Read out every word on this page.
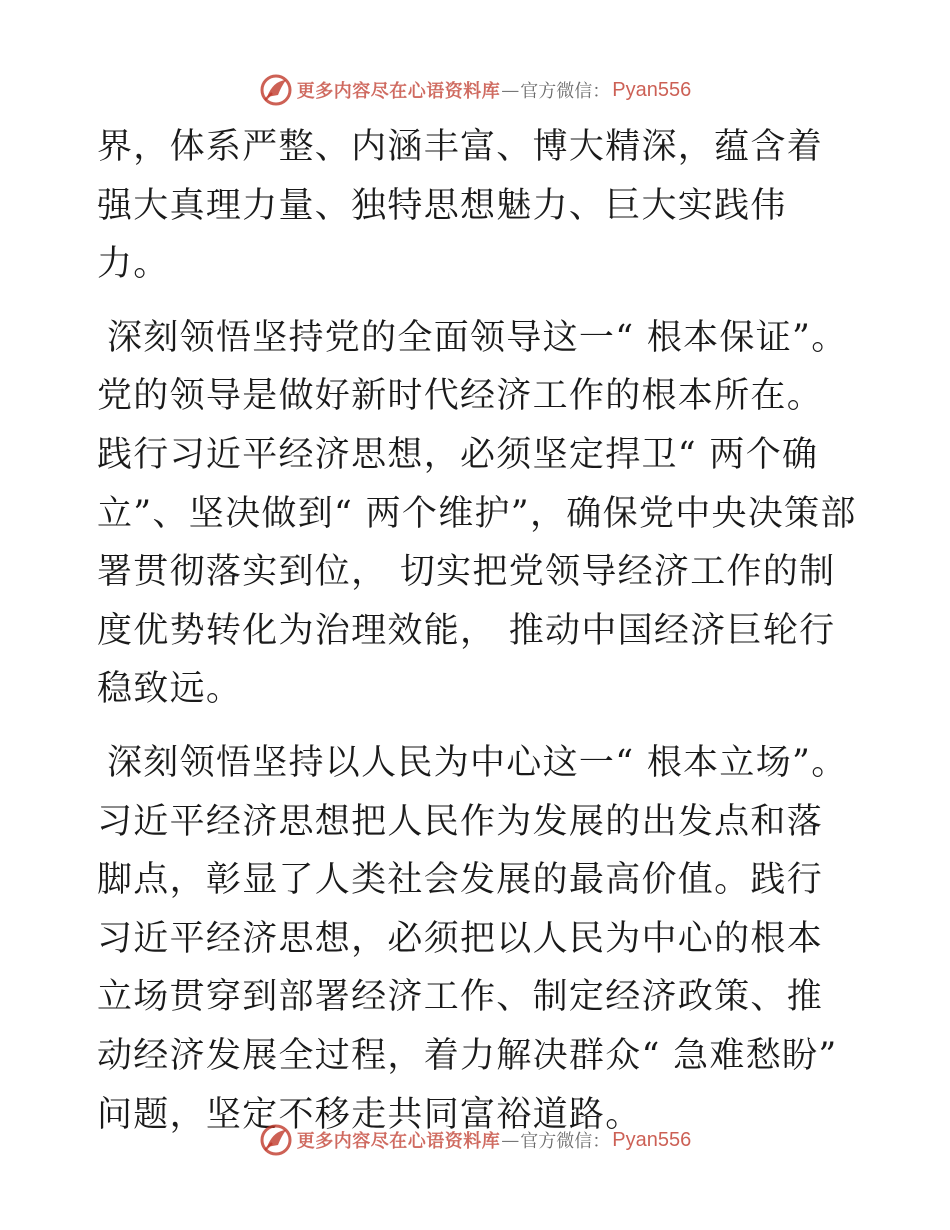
更多内容尽在心语资料库 — 官方微信： Pyan556

界，体系严整、内涵丰富、博大精深，蕴含着强大真理力量、独特思想魅力、巨大实践伟力。

深刻领悟坚持党的全面领导这一“ 根本保证”。党的领导是做好新时代经济工作的根本所在。践行习近平经济思想，必须坚定捍卫“ 两个确立”、坚决做到“ 两个维护”，确保党中央决策部署贯彻落实到位， 切实把党领导经济工作的制度优势转化为治理效能， 推动中国经济巨轮行稳致远。

深刻领悟坚持以人民为中心这一“ 根本立场”。习近平经济思想把人民作为发展的出发点和落脚点，彰显了人类社会发展的最高价值。践行习近平经济思想，必须把以人民为中心的根本立场贯穿到部署经济工作、制定经济政策、推动经济发展全过程，着力解决群众“ 急难愁盼” 问题，坚定不移走共同富裕道路。

更多内容尽在心语资料库 — 官方微信： Pyan556
